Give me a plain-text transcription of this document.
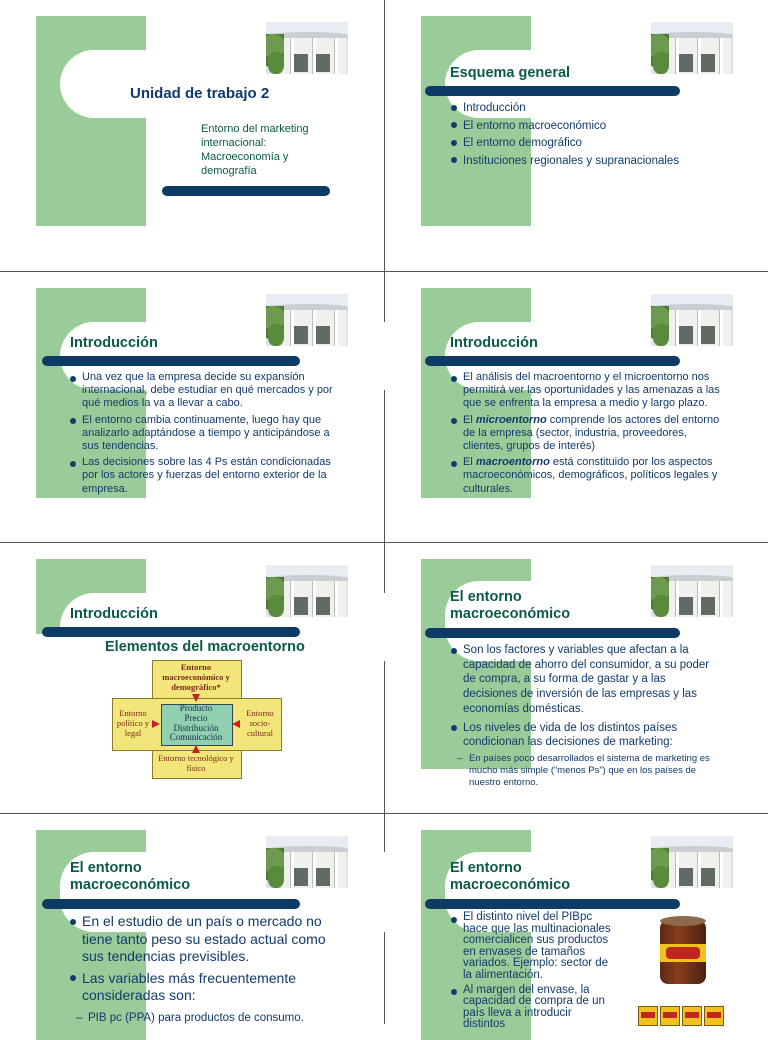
Unidad de trabajo 2
Entorno del marketing internacional: Macroeconomía y demografía
1
Esquema general
Introducción
El entorno macroeconómico
El entorno demográfico
Instituciones regionales y supranacionales
2
Introducción
Una vez que la empresa decide su expansión internacional, debe estudiar en qué mercados y por qué medios la va a llevar a cabo.
El entorno cambia continuamente, luego hay que analizarlo adaptándose a tiempo y anticipándose a sus tendencias.
Las decisiones sobre las 4 Ps están condicionadas por los actores y fuerzas del entorno exterior de la empresa.
3
Introducción
El análisis del macroentorno y el microentorno nos permitirá ver las oportunidades y las amenazas a las que se enfrenta la empresa a medio y largo plazo.
El microentorno comprende los actores del entorno de la empresa (sector, industria, proveedores, clientes, grupos de interés)
El macroentorno está constituido por los aspectos macroeconómicos, demográficos, políticos legales y culturales.
4
Introducción
Elementos del macroentorno
Entorno macroeconómico y demográfico*
Entorno político y legal
Entorno socio-cultural
Entorno tecnológico y físico
Producto
Precio
Distribución
Comunicación
5
El entorno macroeconómico
Son los factores y variables que afectan a la capacidad de ahorro del consumidor, a su poder de compra, a su forma de gastar y a las decisiones de inversión de las empresas y las economías domésticas.
Los niveles de vida de los distintos países condicionan las decisiones de marketing:
– En países poco desarrollados el sistema de marketing es mucho más simple (“menos Ps”) que en los países de nuestro entorno.
6
El entorno macroeconómico
En el estudio de un país o mercado no tiene tanto peso su estado actual como sus tendencias previsibles.
Las variables más frecuentemente consideradas son:
– PIB pc (PPA) para productos de consumo.
El entorno macroeconómico
El distinto nivel del PIBpc hace que las multinacionales comercialicen sus productos en envases de tamaños variados. Ejemplo: sector de la alimentación.
Al margen del envase, la capacidad de compra de un país lleva a introducir distintos
